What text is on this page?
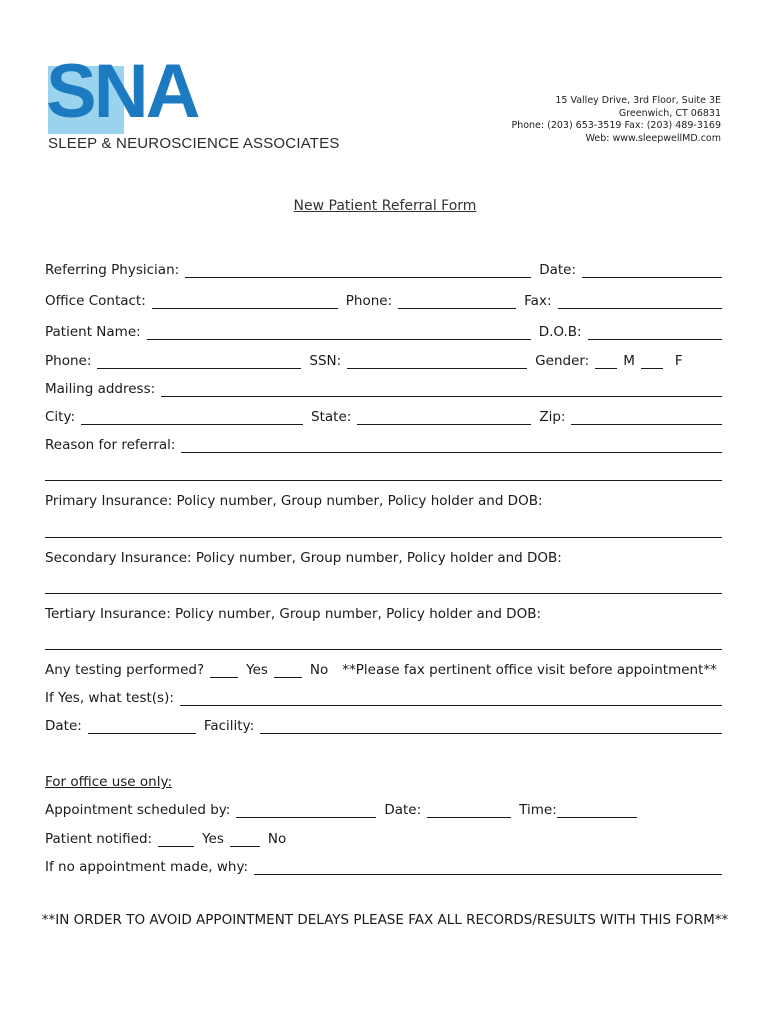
SNA
SLEEP & NEUROSCIENCE ASSOCIATES
15 Valley Drive, 3rd Floor, Suite 3E
Greenwich, CT 06831
Phone: (203) 653-3519 Fax: (203) 489-3169
Web: www.sleepwellMD.com
New Patient Referral Form
Referring Physician:	Date:
Office Contact:	Phone:	Fax:
Patient Name:	D.O.B:
Phone:	SSN:	Gender:	M	F
Mailing address:
City:	State:	Zip:
Reason for referral:
Primary Insurance: Policy number, Group number, Policy holder and DOB:
Secondary Insurance: Policy number, Group number, Policy holder and DOB:
Tertiary Insurance: Policy number, Group number, Policy holder and DOB:
Any testing performed?	Yes	No **Please fax pertinent office visit before appointment**
If Yes, what test(s):
Date:	Facility:
For office use only:
Appointment scheduled by:	Date:	Time:
Patient notified:	Yes	No
If no appointment made, why:
**IN ORDER TO AVOID APPOINTMENT DELAYS PLEASE FAX ALL RECORDS/RESULTS WITH THIS FORM**
